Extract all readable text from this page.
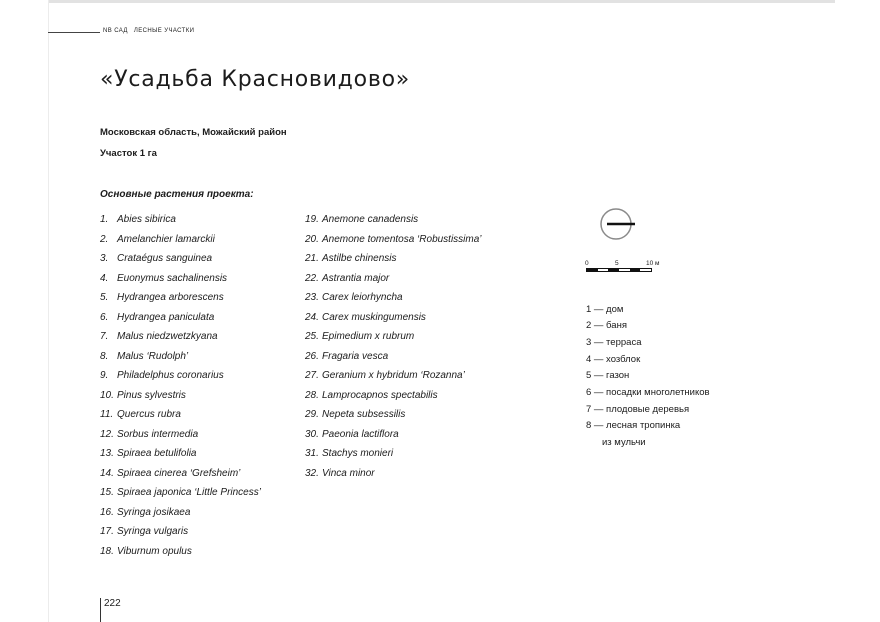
NB САД ЛЕСНЫЕ УЧАСТКИ
«Усадьба Красновидово»
Московская область, Можайский район
Участок 1 га
Основные растения проекта:
1. Abies sibirica
2. Amelanchier lamarckii
3. Crataégus sanguinea
4. Euonymus sachalinensis
5. Hydrangea arborescens
6. Hydrangea paniculata
7. Malus niedzwetzkyana
8. Malus ‘Rudolph’
9. Philadelphus coronarius
10. Pinus sylvestris
11. Quercus rubra
12. Sorbus intermedia
13. Spiraea betulifolia
14. Spiraea cinerea ‘Grefsheim’
15. Spiraea japonica ‘Little Princess’
16. Syringa josikaea
17. Syringa vulgaris
18. Viburnum opulus
19. Anemone canadensis
20. Anemone tomentosa ‘Robustissima’
21. Astilbe chinensis
22. Astrantia major
23. Carex leiorhyncha
24. Carex muskingumensis
25. Epimedium x rubrum
26. Fragaria vesca
27. Geranium x hybridum ‘Rozanna’
28. Lamprocapnos spectabilis
29. Nepeta subsessilis
30. Paeonia lactiflora
31. Stachys monieri
32. Vinca minor
0	5	10 м
1 — дом
2 — баня
3 — терраса
4 — хозблок
5 — газон
6 — посадки многолетников
7 — плодовые деревья
8 — лесная тропинка
из мульчи
222
